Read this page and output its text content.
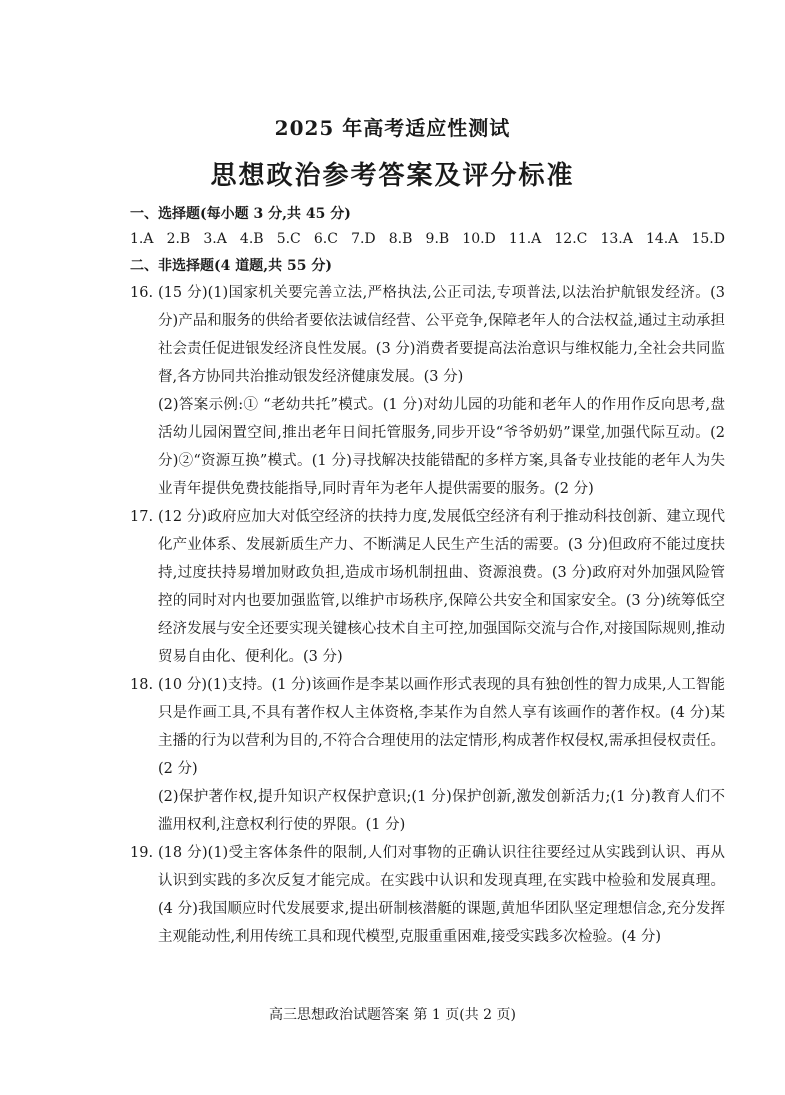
2025 年高考适应性测试
思想政治参考答案及评分标准
一、选择题(每小题 3 分,共 45 分)
1.A 2.B 3.A 4.B 5.C 6.C 7.D 8.B 9.B 10.D 11.A 12.C 13.A 14.A 15.D
二、非选择题(4 道题,共 55 分)
16. (15 分)(1)国家机关要完善立法,严格执法,公正司法,专项普法,以法治护航银发经济。(3 分)产品和服务的供给者要依法诚信经营、公平竞争,保障老年人的合法权益,通过主动承担社会责任促进银发经济良性发展。(3 分)消费者要提高法治意识与维权能力,全社会共同监督,各方协同共治推动银发经济健康发展。(3 分)

(2)答案示例:① “老幼共托”模式。(1 分)对幼儿园的功能和老年人的作用作反向思考,盘活幼儿园闲置空间,推出老年日间托管服务,同步开设“爷爷奶奶”课堂,加强代际互动。(2 分)②“资源互换”模式。(1 分)寻找解决技能错配的多样方案,具备专业技能的老年人为失业青年提供免费技能指导,同时青年为老年人提供需要的服务。(2 分)

17. (12 分)政府应加大对低空经济的扶持力度,发展低空经济有利于推动科技创新、建立现代化产业体系、发展新质生产力、不断满足人民生产生活的需要。(3 分)但政府不能过度扶持,过度扶持易增加财政负担,造成市场机制扭曲、资源浪费。(3 分)政府对外加强风险管控的同时对内也要加强监管,以维护市场秩序,保障公共安全和国家安全。(3 分)统筹低空经济发展与安全还要实现关键核心技术自主可控,加强国际交流与合作,对接国际规则,推动贸易自由化、便利化。(3 分)

18. (10 分)(1)支持。(1 分)该画作是李某以画作形式表现的具有独创性的智力成果,人工智能只是作画工具,不具有著作权人主体资格,李某作为自然人享有该画作的著作权。(4 分)某主播的行为以营利为目的,不符合合理使用的法定情形,构成著作权侵权,需承担侵权责任。(2 分)

(2)保护著作权,提升知识产权保护意识;(1 分)保护创新,激发创新活力;(1 分)教育人们不滥用权利,注意权利行使的界限。(1 分)

19. (18 分)(1)受主客体条件的限制,人们对事物的正确认识往往要经过从实践到认识、再从认识到实践的多次反复才能完成。在实践中认识和发现真理,在实践中检验和发展真理。(4 分)我国顺应时代发展要求,提出研制核潜艇的课题,黄旭华团队坚定理想信念,充分发挥主观能动性,利用传统工具和现代模型,克服重重困难,接受实践多次检验。(4 分)

高三思想政治试题答案 第 1 页(共 2 页)
